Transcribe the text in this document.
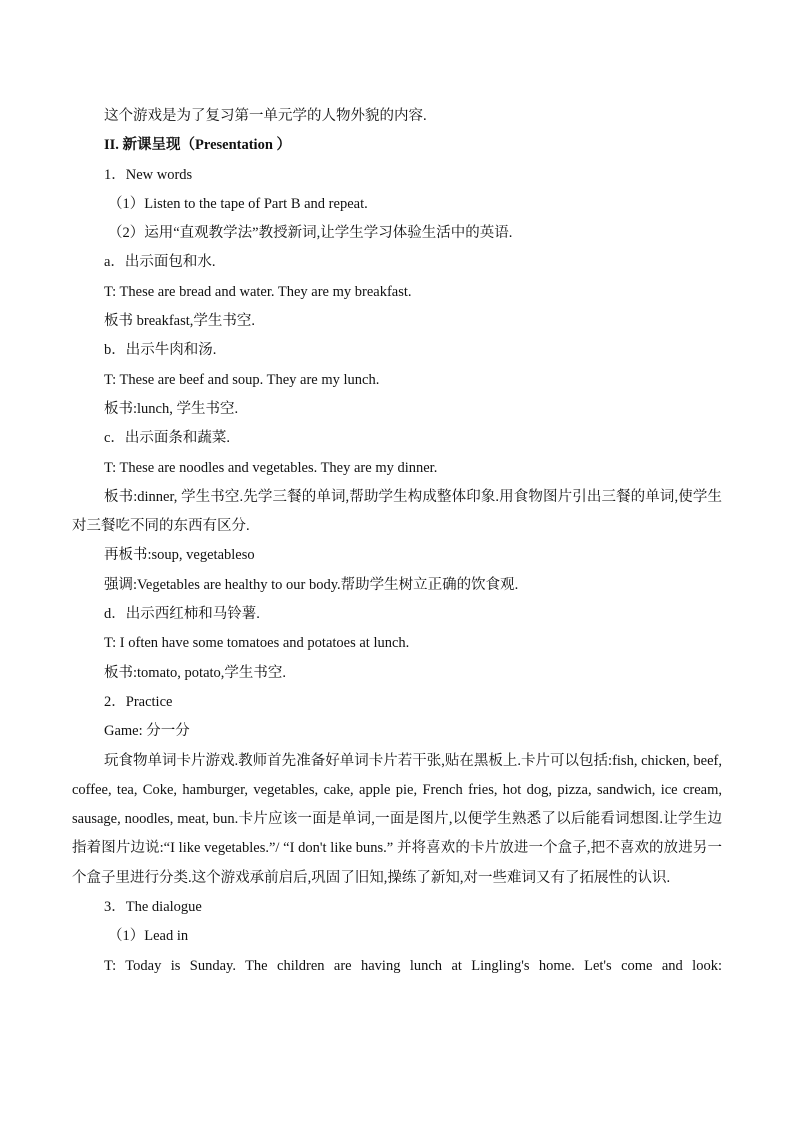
这个游戏是为了复习第一单元学的人物外貌的内容.
II. 新课呈现（Presentation ）
1．New words
（1）Listen to the tape of Part B and repeat.
（2）运用“直观教学法”教授新词,让学生学习体验生活中的英语.
a．出示面包和水.
T: These are bread and water. They are my breakfast.
板书 breakfast,学生书空.
b．出示牛肉和汤.
T: These are beef and soup. They are my lunch.
板书:lunch, 学生书空.
c．出示面条和蔬菜.
T: These are noodles and vegetables. They are my dinner.
板书:dinner, 学生书空.先学三餐的单词,帮助学生构成整体印象.用食物图片引出三餐的单词,使学生对三餐吃不同的东西有区分.
再板书:soup, vegetableso
强调:Vegetables are healthy to our body.帮助学生树立正确的饮食观.
d．出示西红柿和马铃薯.
T: I often have some tomatoes and potatoes at lunch.
板书:tomato, potato,学生书空.
2．Practice
Game: 分一分
玩食物单词卡片游戏.教师首先准备好单词卡片若干张,贴在黑板上.卡片可以包括:fish, chicken, beef, coffee, tea, Coke, hamburger, vegetables, cake, apple pie, French fries, hot dog, pizza, sandwich, ice cream, sausage, noodles, meat, bun.卡片应该一面是单词,一面是图片,以便学生熟悉了以后能看词想图.让学生边指着图片边说:“I like vegetables.”/ “I don't like buns.” 并将喜欢的卡片放进一个盒子,把不喜欢的放进另一个盒子里进行分类.这个游戏承前启后,巩固了旧知,操练了新知,对一些难词又有了拓展性的认识.
3．The dialogue
（1）Lead in
T: Today is Sunday. The children are having lunch at Lingling's home. Let's come and look:
